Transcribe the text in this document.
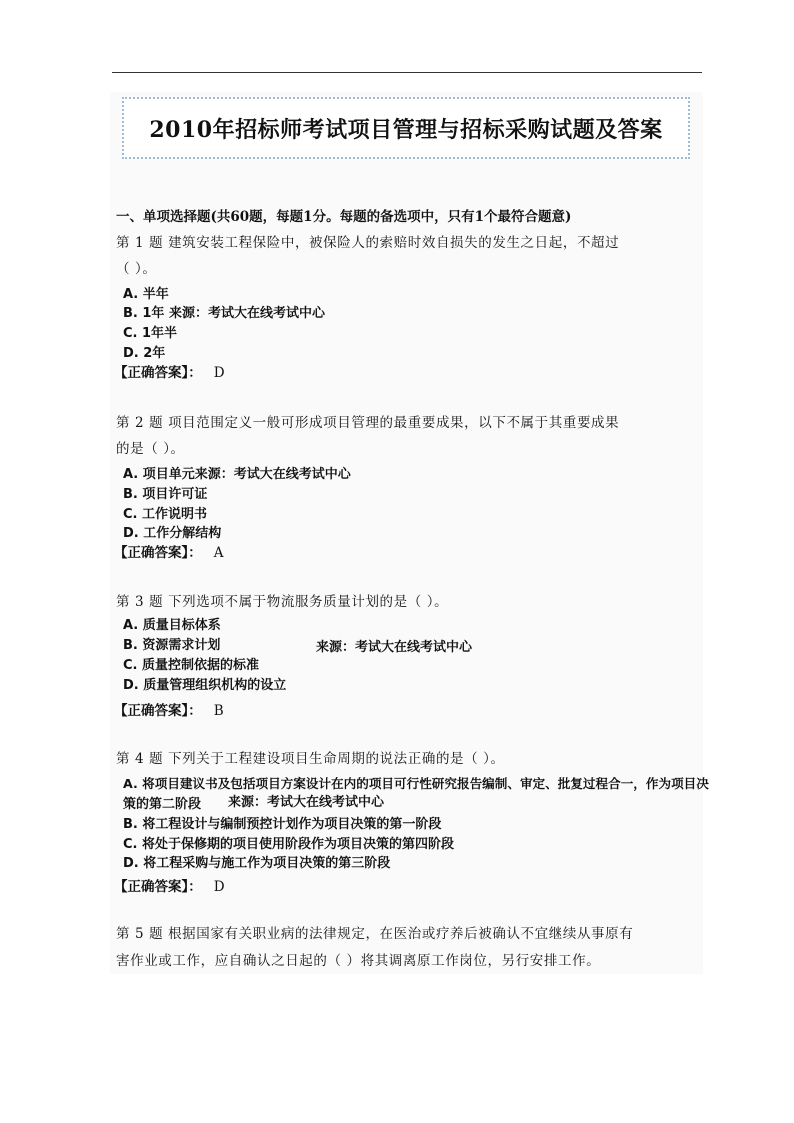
2010年招标师考试项目管理与招标采购试题及答案
一、单项选择题(共60题，每题1分。每题的备选项中，只有1个最符合题意)
第 1 题 建筑安装工程保险中，被保险人的索赔时效自损失的发生之日起，不超过
（ ）。
A. 半年
B. 1年 来源：考试大在线考试中心
C. 1年半
D. 2年
【正确答案】： D
第 2 题 项目范围定义一般可形成项目管理的最重要成果，以下不属于其重要成果
的是（ ）。
A. 项目单元来源：考试大在线考试中心
B. 项目许可证
C. 工作说明书
D. 工作分解结构
【正确答案】： A
第 3 题 下列选项不属于物流服务质量计划的是（ ）。
A. 质量目标体系
B. 资源需求计划	来源：考试大在线考试中心
C. 质量控制依据的标准
D. 质量管理组织机构的设立
【正确答案】： B
第 4 题 下列关于工程建设项目生命周期的说法正确的是（ ）。
A. 将项目建议书及包括项目方案设计在内的项目可行性研究报告编制、审定、批复过程合一，作为项目决
策的第二阶段 来源：考试大在线考试中心
B. 将工程设计与编制预控计划作为项目决策的第一阶段
C. 将处于保修期的项目使用阶段作为项目决策的第四阶段
D. 将工程采购与施工作为项目决策的第三阶段
【正确答案】： D
第 5 题 根据国家有关职业病的法律规定，在医治或疗养后被确认不宜继续从事原有
害作业或工作，应自确认之日起的（ ）将其调离原工作岗位，另行安排工作。
